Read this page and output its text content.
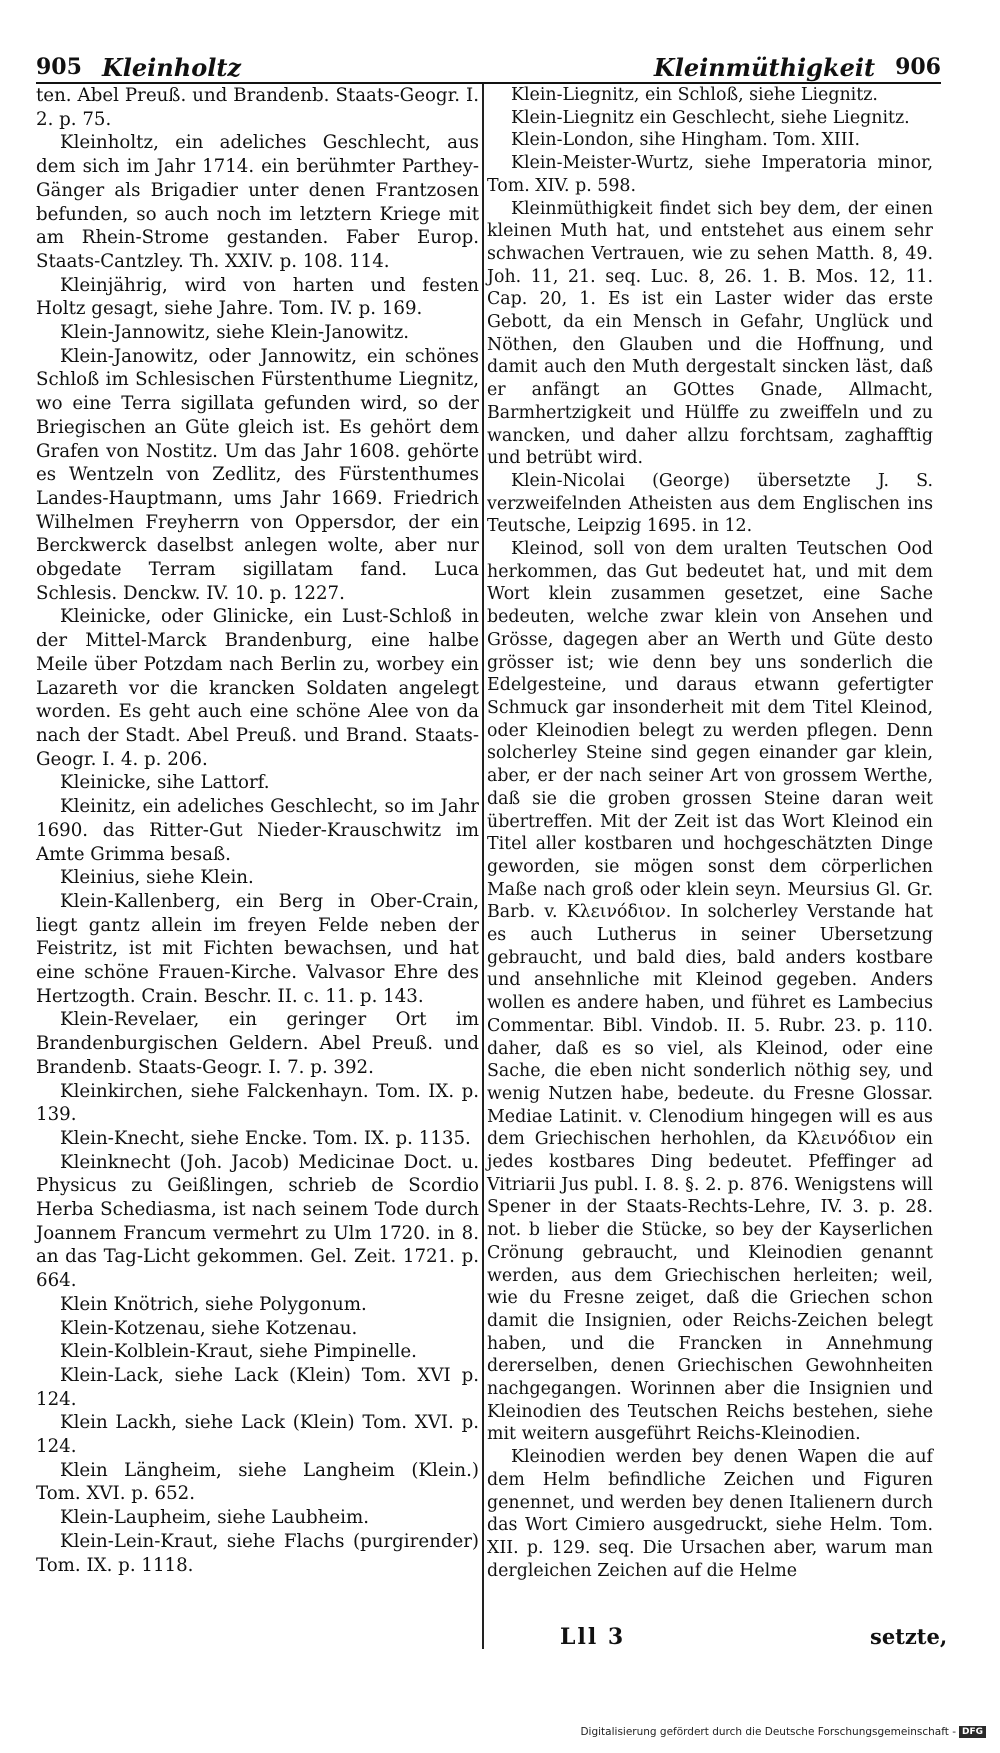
905 Kleinholtz	Kleinmüthigkeit 906

ten. Abel Preuß. und Brandenb. Staats-Geogr. I. 2. p. 75.

Kleinholtz, ein adeliches Geschlecht, aus dem sich im Jahr 1714. ein berühmter Parthey-Gänger als Brigadier unter denen Frantzosen befunden, so auch noch im letztern Kriege mit am Rhein-Strome gestanden. Faber Europ. Staats-Cantzley. Th. XXIV. p. 108. 114.

Kleinjährig, wird von harten und festen Holtz gesagt, siehe Jahre. Tom. IV. p. 169.

Klein-Jannowitz, siehe Klein-Janowitz.

Klein-Janowitz, oder Jannowitz, ein schönes Schloß im Schlesischen Fürstenthume Liegnitz, wo eine Terra sigillata gefunden wird, so der Briegischen an Güte gleich ist. Es gehört dem Grafen von Nostitz. Um das Jahr 1608. gehörte es Wentzeln von Zedlitz, des Fürstenthumes Landes-Hauptmann, ums Jahr 1669. Friedrich Wilhelmen Freyherrn von Oppersdor, der ein Berckwerck daselbst anlegen wolte, aber nur obgedate Terram sigillatam fand. Luca Schlesis. Denckw. IV. 10. p. 1227.

Kleinicke, oder Glinicke, ein Lust-Schloß in der Mittel-Marck Brandenburg, eine halbe Meile über Potzdam nach Berlin zu, worbey ein Lazareth vor die krancken Soldaten angelegt worden. Es geht auch eine schöne Alee von da nach der Stadt. Abel Preuß. und Brand. Staats-Geogr. I. 4. p. 206.

Kleinicke, sihe Lattorf.

Kleinitz, ein adeliches Geschlecht, so im Jahr 1690. das Ritter-Gut Nieder-Krauschwitz im Amte Grimma besaß.

Kleinius, siehe Klein.

Klein-Kallenberg, ein Berg in Ober-Crain, liegt gantz allein im freyen Felde neben der Feistritz, ist mit Fichten bewachsen, und hat eine schöne Frauen-Kirche. Valvasor Ehre des Hertzogth. Crain. Beschr. II. c. 11. p. 143.

Klein-Revelaer, ein geringer Ort im Brandenburgischen Geldern. Abel Preuß. und Brandenb. Staats-Geogr. I. 7. p. 392.

Kleinkirchen, siehe Falckenhayn. Tom. IX. p. 139.

Klein-Knecht, siehe Encke. Tom. IX. p. 1135.

Kleinknecht (Joh. Jacob) Medicinae Doct. u. Physicus zu Geißlingen, schrieb de Scordio Herba Schediasma, ist nach seinem Tode durch Joannem Francum vermehrt zu Ulm 1720. in 8. an das Tag-Licht gekommen. Gel. Zeit. 1721. p. 664.

Klein Knötrich, siehe Polygonum.

Klein-Kotzenau, siehe Kotzenau.

Klein-Kolblein-Kraut, siehe Pimpinelle.

Klein-Lack, siehe Lack (Klein) Tom. XVI p. 124.

Klein Lackh, siehe Lack (Klein) Tom. XVI. p. 124.

Klein Längheim, siehe Langheim (Klein.) Tom. XVI. p. 652.

Klein-Laupheim, siehe Laubheim.

Klein-Lein-Kraut, siehe Flachs (purgirender) Tom. IX. p. 1118.

Klein-Liegnitz, ein Schloß, siehe Liegnitz.

Klein-Liegnitz ein Geschlecht, siehe Liegnitz.

Klein-London, sihe Hingham. Tom. XIII.

Klein-Meister-Wurtz, siehe Imperatoria minor, Tom. XIV. p. 598.

Kleinmüthigkeit findet sich bey dem, der einen kleinen Muth hat, und entstehet aus einem sehr schwachen Vertrauen, wie zu sehen Matth. 8, 49. Joh. 11, 21. seq. Luc. 8, 26. 1. B. Mos. 12, 11. Cap. 20, 1. Es ist ein Laster wider das erste Gebott, da ein Mensch in Gefahr, Unglück und Nöthen, den Glauben und die Hoffnung, und damit auch den Muth dergestalt sincken läst, daß er anfängt an GOttes Gnade, Allmacht, Barmhertzigkeit und Hülffe zu zweiffeln und zu wancken, und daher allzu forchtsam, zaghafftig und betrübt wird.

Klein-Nicolai (George) übersetzte J. S. verzweifelnden Atheisten aus dem Englischen ins Teutsche, Leipzig 1695. in 12.

Kleinod, soll von dem uralten Teutschen Ood herkommen, das Gut bedeutet hat, und mit dem Wort klein zusammen gesetzet, eine Sache bedeuten, welche zwar klein von Ansehen und Grösse, dagegen aber an Werth und Güte desto grösser ist; wie denn bey uns sonderlich die Edelgesteine, und daraus etwann gefertigter Schmuck gar insonderheit mit dem Titel Kleinod, oder Kleinodien belegt zu werden pflegen. Denn solcherley Steine sind gegen einander gar klein, aber, er der nach seiner Art von grossem Werthe, daß sie die groben grossen Steine daran weit übertreffen. Mit der Zeit ist das Wort Kleinod ein Titel aller kostbaren und hochgeschätzten Dinge geworden, sie mögen sonst dem cörperlichen Maße nach groß oder klein seyn. Meursius Gl. Gr. Barb. v. Κλεινόδιον. In solcherley Verstande hat es auch Lutherus in seiner Ubersetzung gebraucht, und bald dies, bald anders kostbare und ansehnliche mit Kleinod gegeben. Anders wollen es andere haben, und führet es Lambecius Commentar. Bibl. Vindob. II. 5. Rubr. 23. p. 110. daher, daß es so viel, als Kleinod, oder eine Sache, die eben nicht sonderlich nöthig sey, und wenig Nutzen habe, bedeute. du Fresne Glossar. Mediae Latinit. v. Clenodium hingegen will es aus dem Griechischen herhohlen, da Κλεινόδιον ein jedes kostbares Ding bedeutet. Pfeffinger ad Vitriarii Jus publ. I. 8. §. 2. p. 876. Wenigstens will Spener in der Staats-Rechts-Lehre, IV. 3. p. 28. not. b lieber die Stücke, so bey der Kayserlichen Crönung gebraucht, und Kleinodien genannt werden, aus dem Griechischen herleiten; weil, wie du Fresne zeiget, daß die Griechen schon damit die Insignien, oder Reichs-Zeichen belegt haben, und die Francken in Annehmung dererselben, denen Griechischen Gewohnheiten nachgegangen. Worinnen aber die Insignien und Kleinodien des Teutschen Reichs bestehen, siehe mit weitern ausgeführt Reichs-Kleinodien.

Kleinodien werden bey denen Wapen die auf dem Helm befindliche Zeichen und Figuren genennet, und werden bey denen Italienern durch das Wort Cimiero ausgedruckt, siehe Helm. Tom. XII. p. 129. seq. Die Ursachen aber, warum man dergleichen Zeichen auf die Helme

Lll 3	setzte,
Digitalisierung gefördert durch die Deutsche Forschungsgemeinschaft - DFG
